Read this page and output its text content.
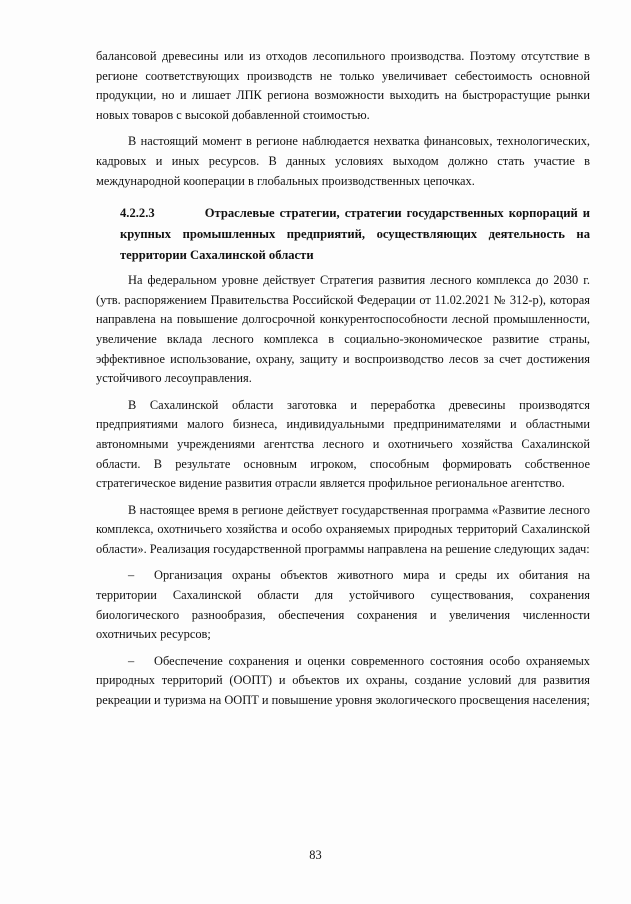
балансовой древесины или из отходов лесопильного производства. Поэтому отсутствие в регионе соответствующих производств не только увеличивает себестоимость основной продукции, но и лишает ЛПК региона возможности выходить на быстрорастущие рынки новых товаров с высокой добавленной стоимостью.

В настоящий момент в регионе наблюдается нехватка финансовых, технологических, кадровых и иных ресурсов. В данных условиях выходом должно стать участие в международной кооперации в глобальных производственных цепочках.

4.2.2.3	Отраслевые стратегии, стратегии государственных корпораций и крупных промышленных предприятий, осуществляющих деятельность на территории Сахалинской области

На федеральном уровне действует Стратегия развития лесного комплекса до 2030 г. (утв. распоряжением Правительства Российской Федерации от 11.02.2021 № 312-р), которая направлена на повышение долгосрочной конкурентоспособности лесной промышленности, увеличение вклада лесного комплекса в социально-экономическое развитие страны, эффективное использование, охрану, защиту и воспроизводство лесов за счет достижения устойчивого лесоуправления.

В Сахалинской области заготовка и переработка древесины производятся предприятиями малого бизнеса, индивидуальными предпринимателями и областными автономными учреждениями агентства лесного и охотничьего хозяйства Сахалинской области. В результате основным игроком, способным формировать собственное стратегическое видение развития отрасли является профильное региональное агентство.

В настоящее время в регионе действует государственная программа «Развитие лесного комплекса, охотничьего хозяйства и особо охраняемых природных территорий Сахалинской области». Реализация государственной программы направлена на решение следующих задач:

– Организация охраны объектов животного мира и среды их обитания на территории Сахалинской области для устойчивого существования, сохранения биологического разнообразия, обеспечения сохранения и увеличения численности охотничьих ресурсов;

– Обеспечение сохранения и оценки современного состояния особо охраняемых природных территорий (ООПТ) и объектов их охраны, создание условий для развития рекреации и туризма на ООПТ и повышение уровня экологического просвещения населения;

83
